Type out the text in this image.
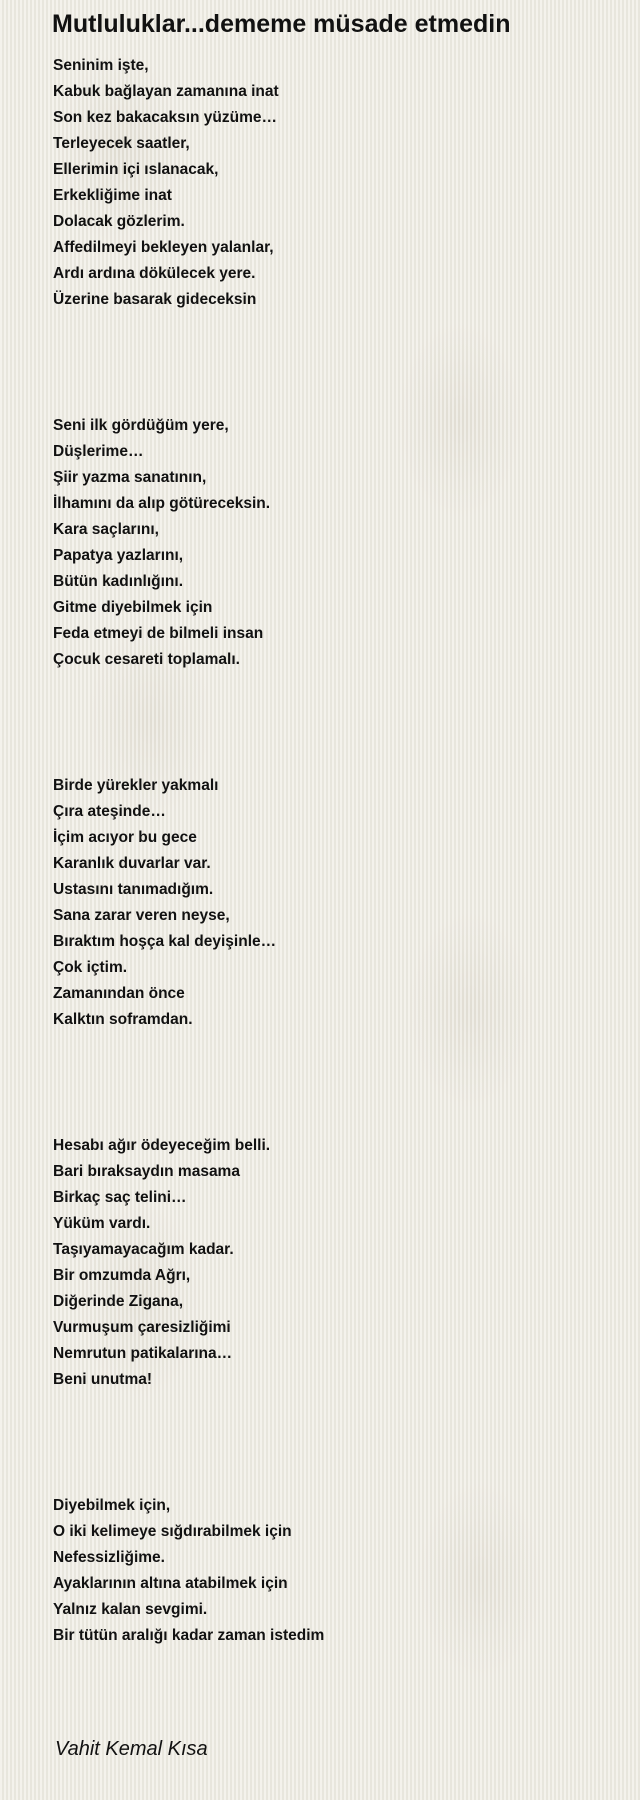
Mutluluklar...dememe müsade etmedin
Seninim işte,
Kabuk bağlayan zamanına inat
Son kez bakacaksın yüzüme…
Terleyecek saatler,
Ellerimin içi ıslanacak,
Erkekliğime inat
Dolacak gözlerim.
Affedilmeyi bekleyen yalanlar,
Ardı ardına dökülecek yere.
Üzerine basarak gideceksin
Seni ilk gördüğüm yere,
Düşlerime…
Şiir yazma sanatının,
İlhamını da alıp götüreceksin.
Kara saçlarını,
Papatya yazlarını,
Bütün kadınlığını.
Gitme diyebilmek için
Feda etmeyi de bilmeli insan
Çocuk cesareti toplamalı.
Birde yürekler yakmalı
Çıra ateşinde…
İçim acıyor bu gece
Karanlık duvarlar var.
Ustasını tanımadığım.
Sana zarar veren neyse,
Bıraktım hoşça kal deyişinle…
Çok içtim.
Zamanından önce
Kalktın soframdan.
Hesabı ağır ödeyeceğim belli.
Bari bıraksaydın masama
Birkaç saç telini…
Yüküm vardı.
Taşıyamayacağım kadar.
Bir omzumda Ağrı,
Diğerinde Zigana,
Vurmuşum çaresizliğimi
Nemrutun patikalarına…
Beni unutma!
Diyebilmek için,
O iki kelimeye sığdırabilmek için
Nefessizliğime.
Ayaklarının altına atabilmek için
Yalnız kalan sevgimi.
Bir tütün aralığı kadar zaman istedim
Vahit Kemal Kısa
